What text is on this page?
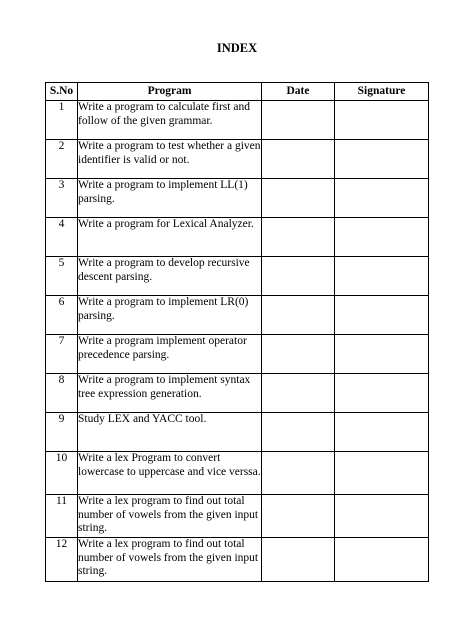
INDEX
S.No	Program	Date	Signature
1	Write a program to calculate first and follow of the given grammar.		
2	Write a program to test whether a given identifier is valid or not.		
3	Write a program to implement LL(1) parsing.		
4	Write a program for Lexical Analyzer.		
5	Write a program to develop recursive descent parsing.		
6	Write a program to implement LR(0) parsing.		
7	Write a program implement operator precedence parsing.		
8	Write a program to implement syntax tree expression generation.		
9	Study LEX and YACC tool.		
10	Write a lex Program to convert lowercase to uppercase and vice verssa.		
11	Write a lex program to find out total number of vowels from the given input string.		
12	Write a lex program to find out total number of vowels from the given input string.		
